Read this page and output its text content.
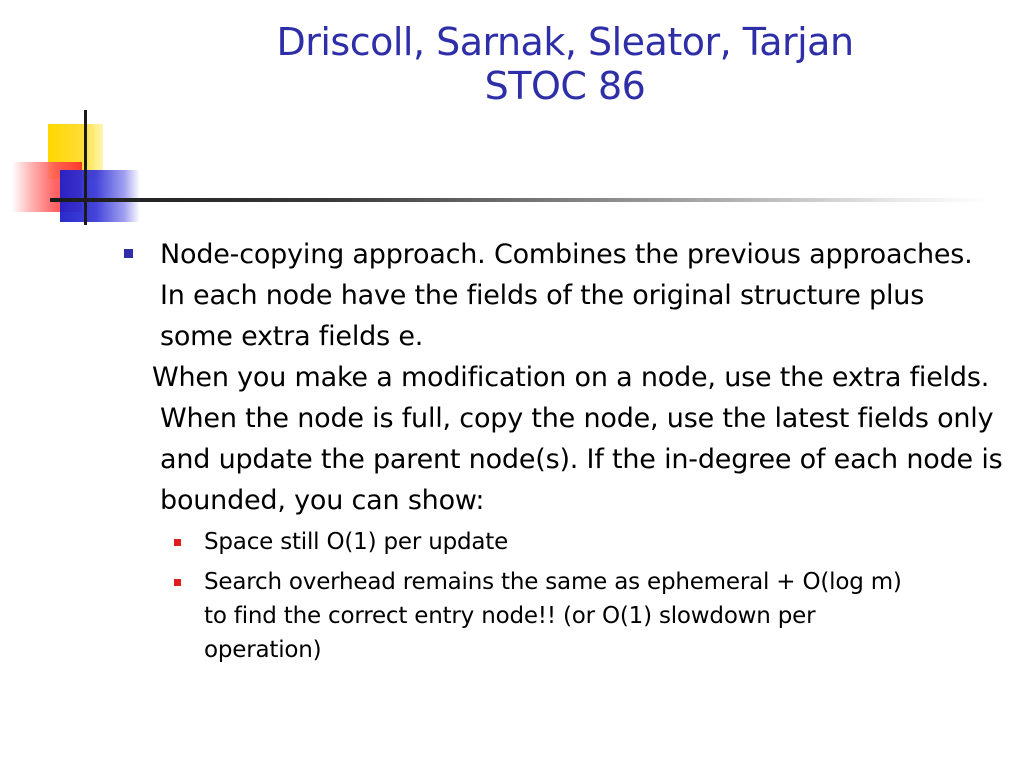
Driscoll, Sarnak, Sleator, Tarjan
STOC 86
Node-copying approach. Combines the previous approaches. In each node have the fields of the original structure plus some extra fields e.
When you make a modification on a node, use the extra fields. When the node is full, copy the node, use the latest fields only and update the parent node(s). If the in-degree of each node is bounded, you can show:
Space still O(1) per update
Search overhead remains the same as ephemeral + O(log m) to find the correct entry node!! (or O(1) slowdown per operation)
